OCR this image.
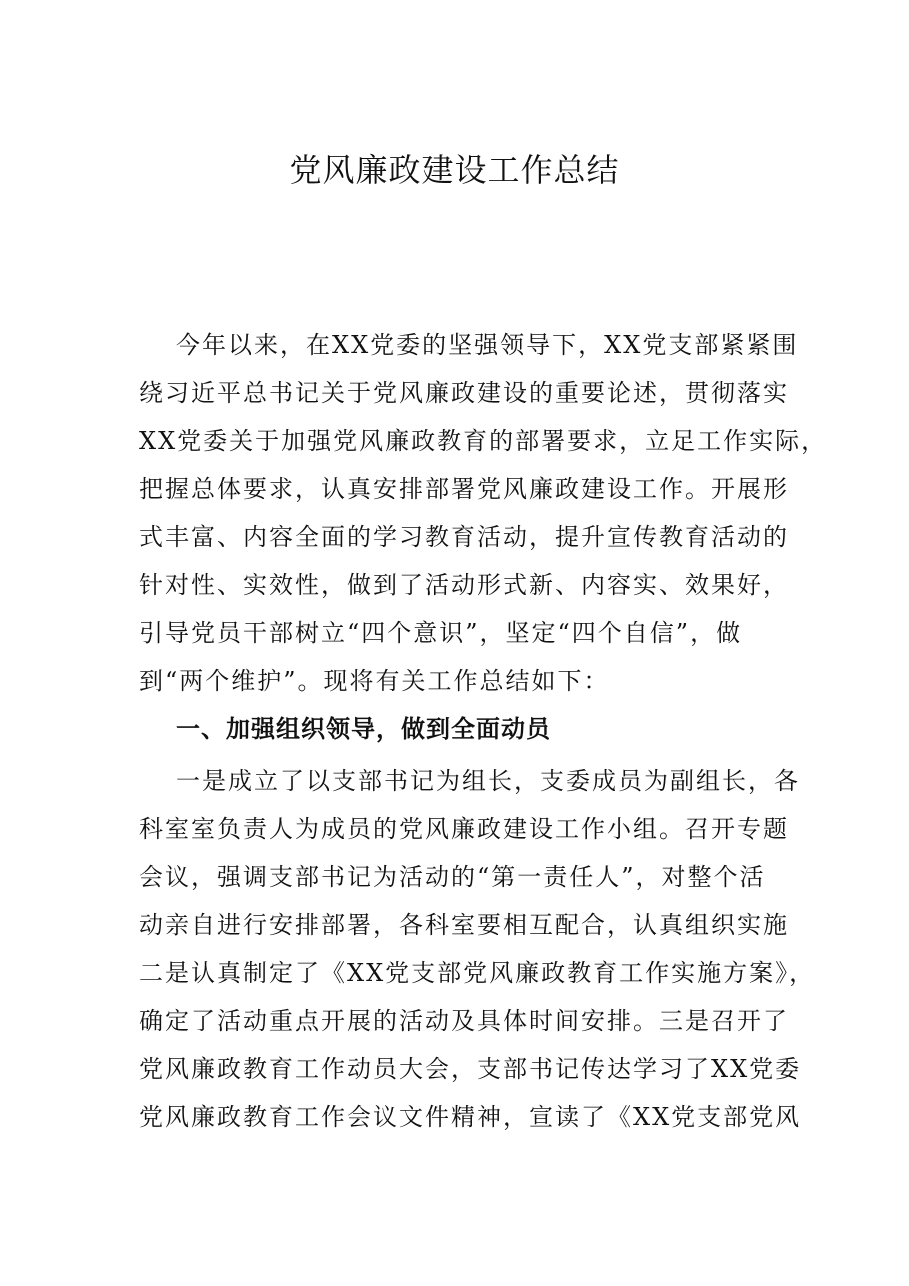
党风廉政建设工作总结

今年以来，在XX党委的坚强领导下，XX党支部紧紧围

绕习近平总书记关于党风廉政建设的重要论述，贯彻落实

XX党委关于加强党风廉政教育的部署要求，立足工作实际，

把握总体要求，认真安排部署党风廉政建设工作。开展形

式丰富、内容全面的学习教育活动，提升宣传教育活动的

针对性、实效性，做到了活动形式新、内容实、效果好，

引导党员干部树立“四个意识”，坚定“四个自信”，做

到“两个维护”。现将有关工作总结如下：

一、加强组织领导，做到全面动员

一是成立了以支部书记为组长，支委成员为副组长，各

科室室负责人为成员的党风廉政建设工作小组。召开专题

会议，强调支部书记为活动的“第一责任人”，对整个活

动亲自进行安排部署，各科室要相互配合，认真组织实施

二是认真制定了《XX党支部党风廉政教育工作实施方案》，

确定了活动重点开展的活动及具体时间安排。三是召开了

党风廉政教育工作动员大会，支部书记传达学习了XX党委

党风廉政教育工作会议文件精神，宣读了《XX党支部党风
